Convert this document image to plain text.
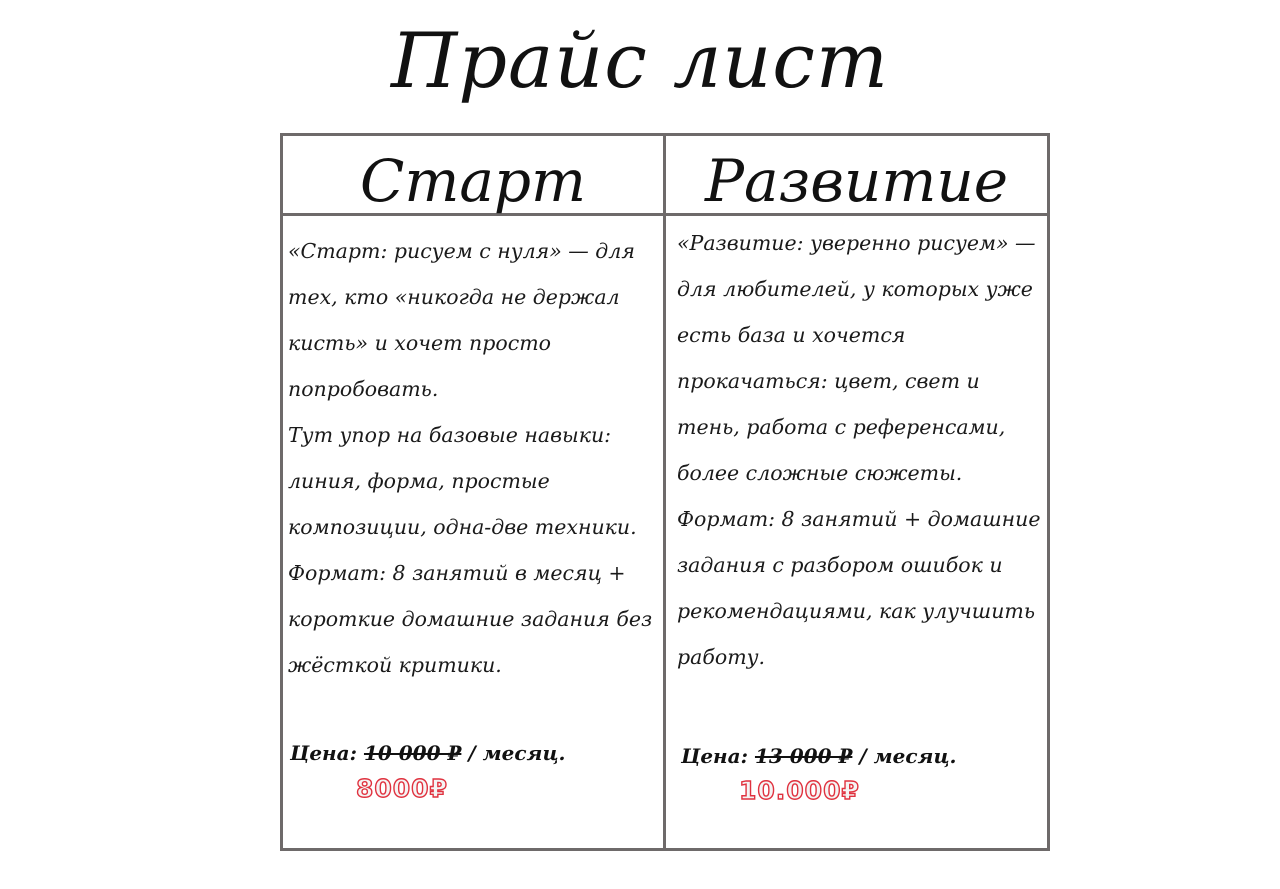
Прайс лист
Старт

«Старт: рисуем с нуля» — для тех, кто «никогда не держал кисть» и хочет просто попробовать.

Тут упор на базовые навыки: линия, форма, простые композиции, одна-две техники.

Формат: 8 занятий в месяц + короткие домашние задания без жёсткой критики.

Цена: 10 000 ₽ / месяц.
8000₽
Развитие

«Развитие: уверенно рисуем» — для любителей, у которых уже есть база и хочется прокачаться: цвет, свет и тень, работа с референсами, более сложные сюжеты.

Формат: 8 занятий + домашние задания с разбором ошибок и рекомендациями, как улучшить работу.

Цена: 13 000 ₽ / месяц.
10.000₽
